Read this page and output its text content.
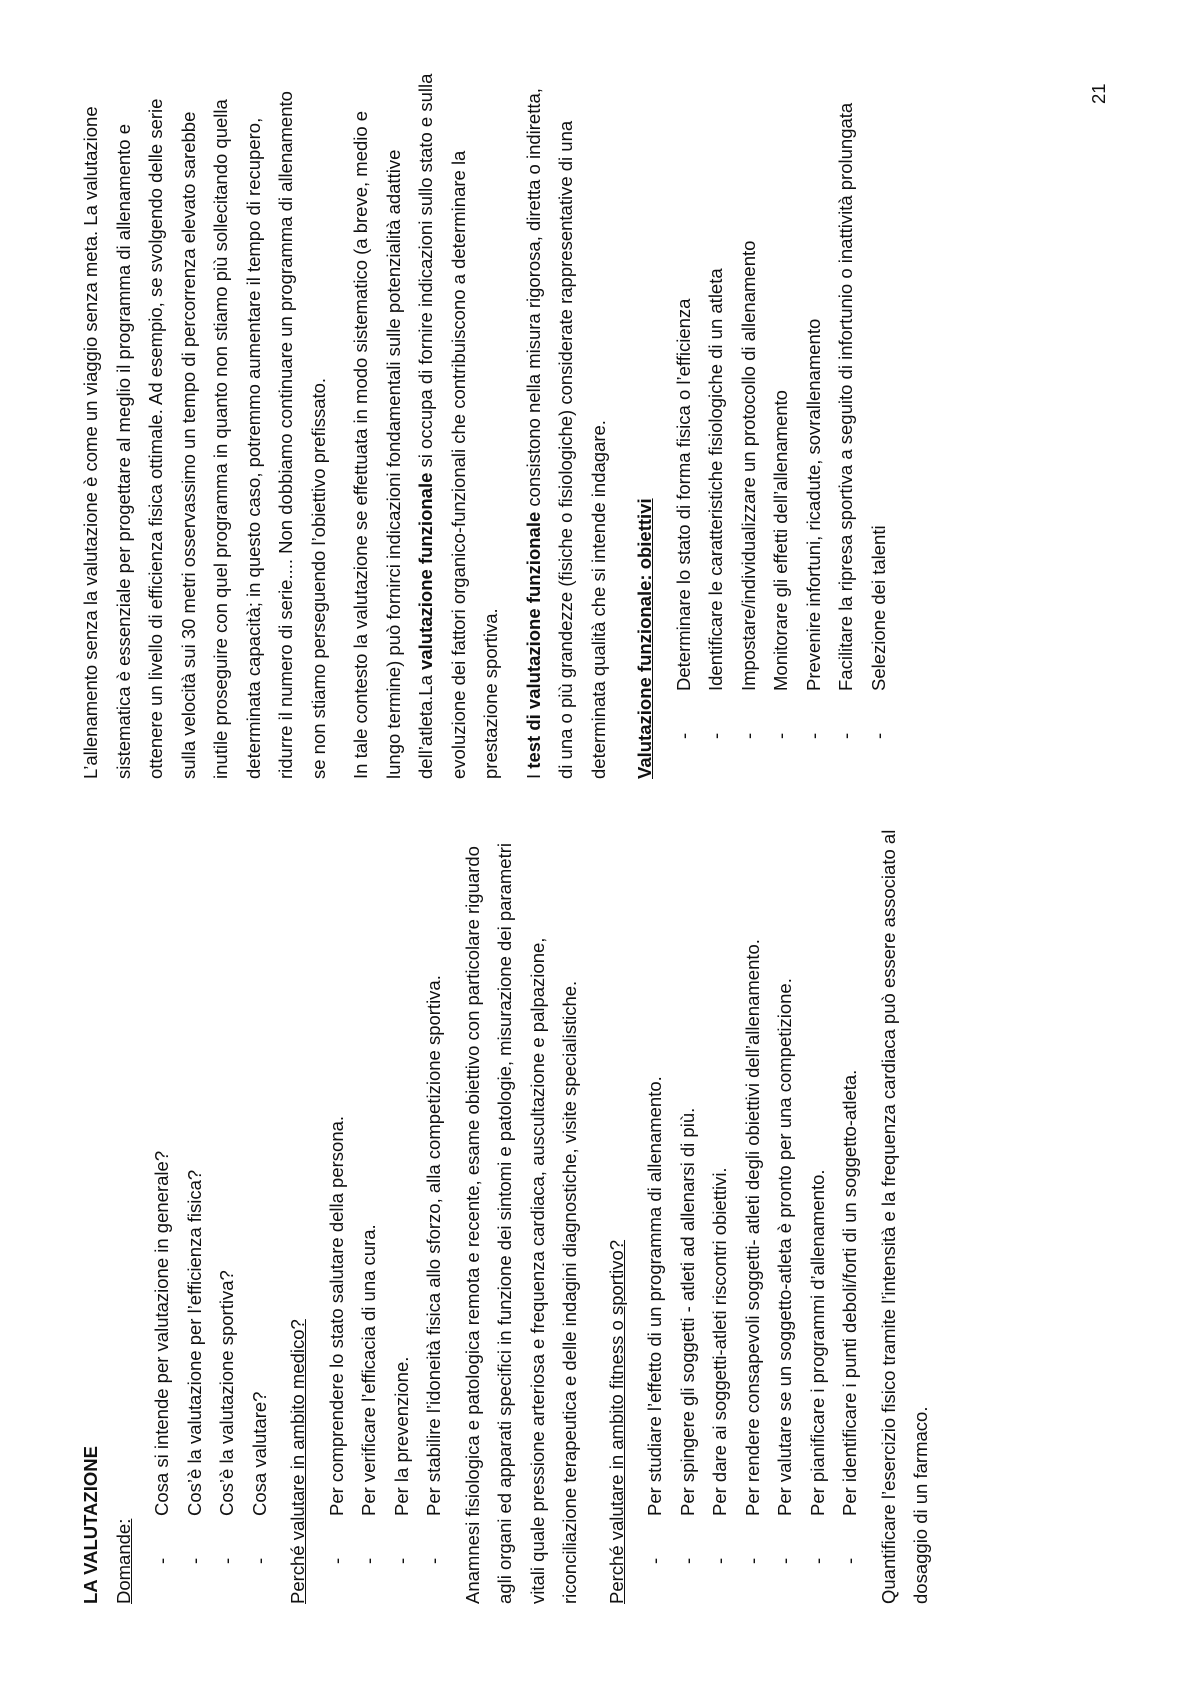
LA VALUTAZIONE Domande:

- Cosa si intende per valutazione in generale? - Cos’è la valutazione per l’efficienza fisica? - Cos’è la valutazione sportiva? - Cosa valutare? Perché valutare in ambito medico? - Per comprendere lo stato salutare della persona. - Per verificare l’efficacia di una cura. - Per la prevenzione. - Per stabilire l’idoneità fisica allo sforzo, alla competizione sportiva. Anamnesi fisiologica e patologica remota e recente, esame obiettivo con particolare riguardo agli organi ed apparati specifici in funzione dei sintomi e patologie, misurazione dei parametri vitali quale pressione arteriosa e frequenza cardiaca, auscultazione e palpazione, riconciliazione terapeutica e delle indagini diagnostiche, visite specialistiche.	Perché valutare in ambito fitness o sportivo? - Per studiare l’effetto di un programma di allenamento. - Per spingere gli soggetti - atleti ad allenarsi di più. - Per dare ai soggetti-atleti riscontri obiettivi. - Per rendere consapevoli soggetti- atleti degli obiettivi dell’allenamento. - Per valutare se un soggetto-atleta è pronto per una competizione. - Per pianificare i programmi d’allenamento. - Per identificare i punti deboli/forti di un soggetto-atleta. Quantificare l’esercizio fisico tramite l’intensità e la frequenza cardiaca può essere associato al dosaggio di un farmaco.

L’allenamento senza la valutazione è come un viaggio senza meta. La valutazione sistematica è essenziale per progettare al meglio il programma di allenamento e ottenere un livello di efficienza fisica ottimale. Ad esempio, se svolgendo delle serie sulla velocità sui 30 metri osservassimo un tempo di percorrenza elevato sarebbe inutile proseguire con quel programma in quanto non stiamo più sollecitando quella determinata capacità; in questo caso, potremmo aumentare il tempo di recupero, ridurre il numero di serie.... Non dobbiamo continuare un programma di allenamento se non stiamo perseguendo l’obiettivo prefissato.	In tale contesto la valutazione se effettuata in modo sistematico (a breve, medio e lungo termine) può fornirci indicazioni fondamentali sulle potenzialità adattive dell’atleta.La valutazione funzionale si occupa di fornire indicazioni sullo stato e sulla evoluzione dei fattori organico-funzionali che contribuiscono a determinare la prestazione sportiva.	I test di valutazione funzionale consistono nella misura rigorosa, diretta o indiretta, di una o più grandezze (fisiche o fisiologiche) considerate rappresentative di una determinata qualità che si intende indagare.	Valutazione funzionale: obiettivi - Determinare lo stato di forma fisica o l’efficienza - Identificare le caratteristiche fisiologiche di un atleta - Impostare/individualizzare un protocollo di allenamento - Monitorare gli effetti dell’allenamento - Prevenire infortuni, ricadute, sovrallenamento - Facilitare la ripresa sportiva a seguito di infortunio o inattività prolungata - Selezione dei talenti
21
